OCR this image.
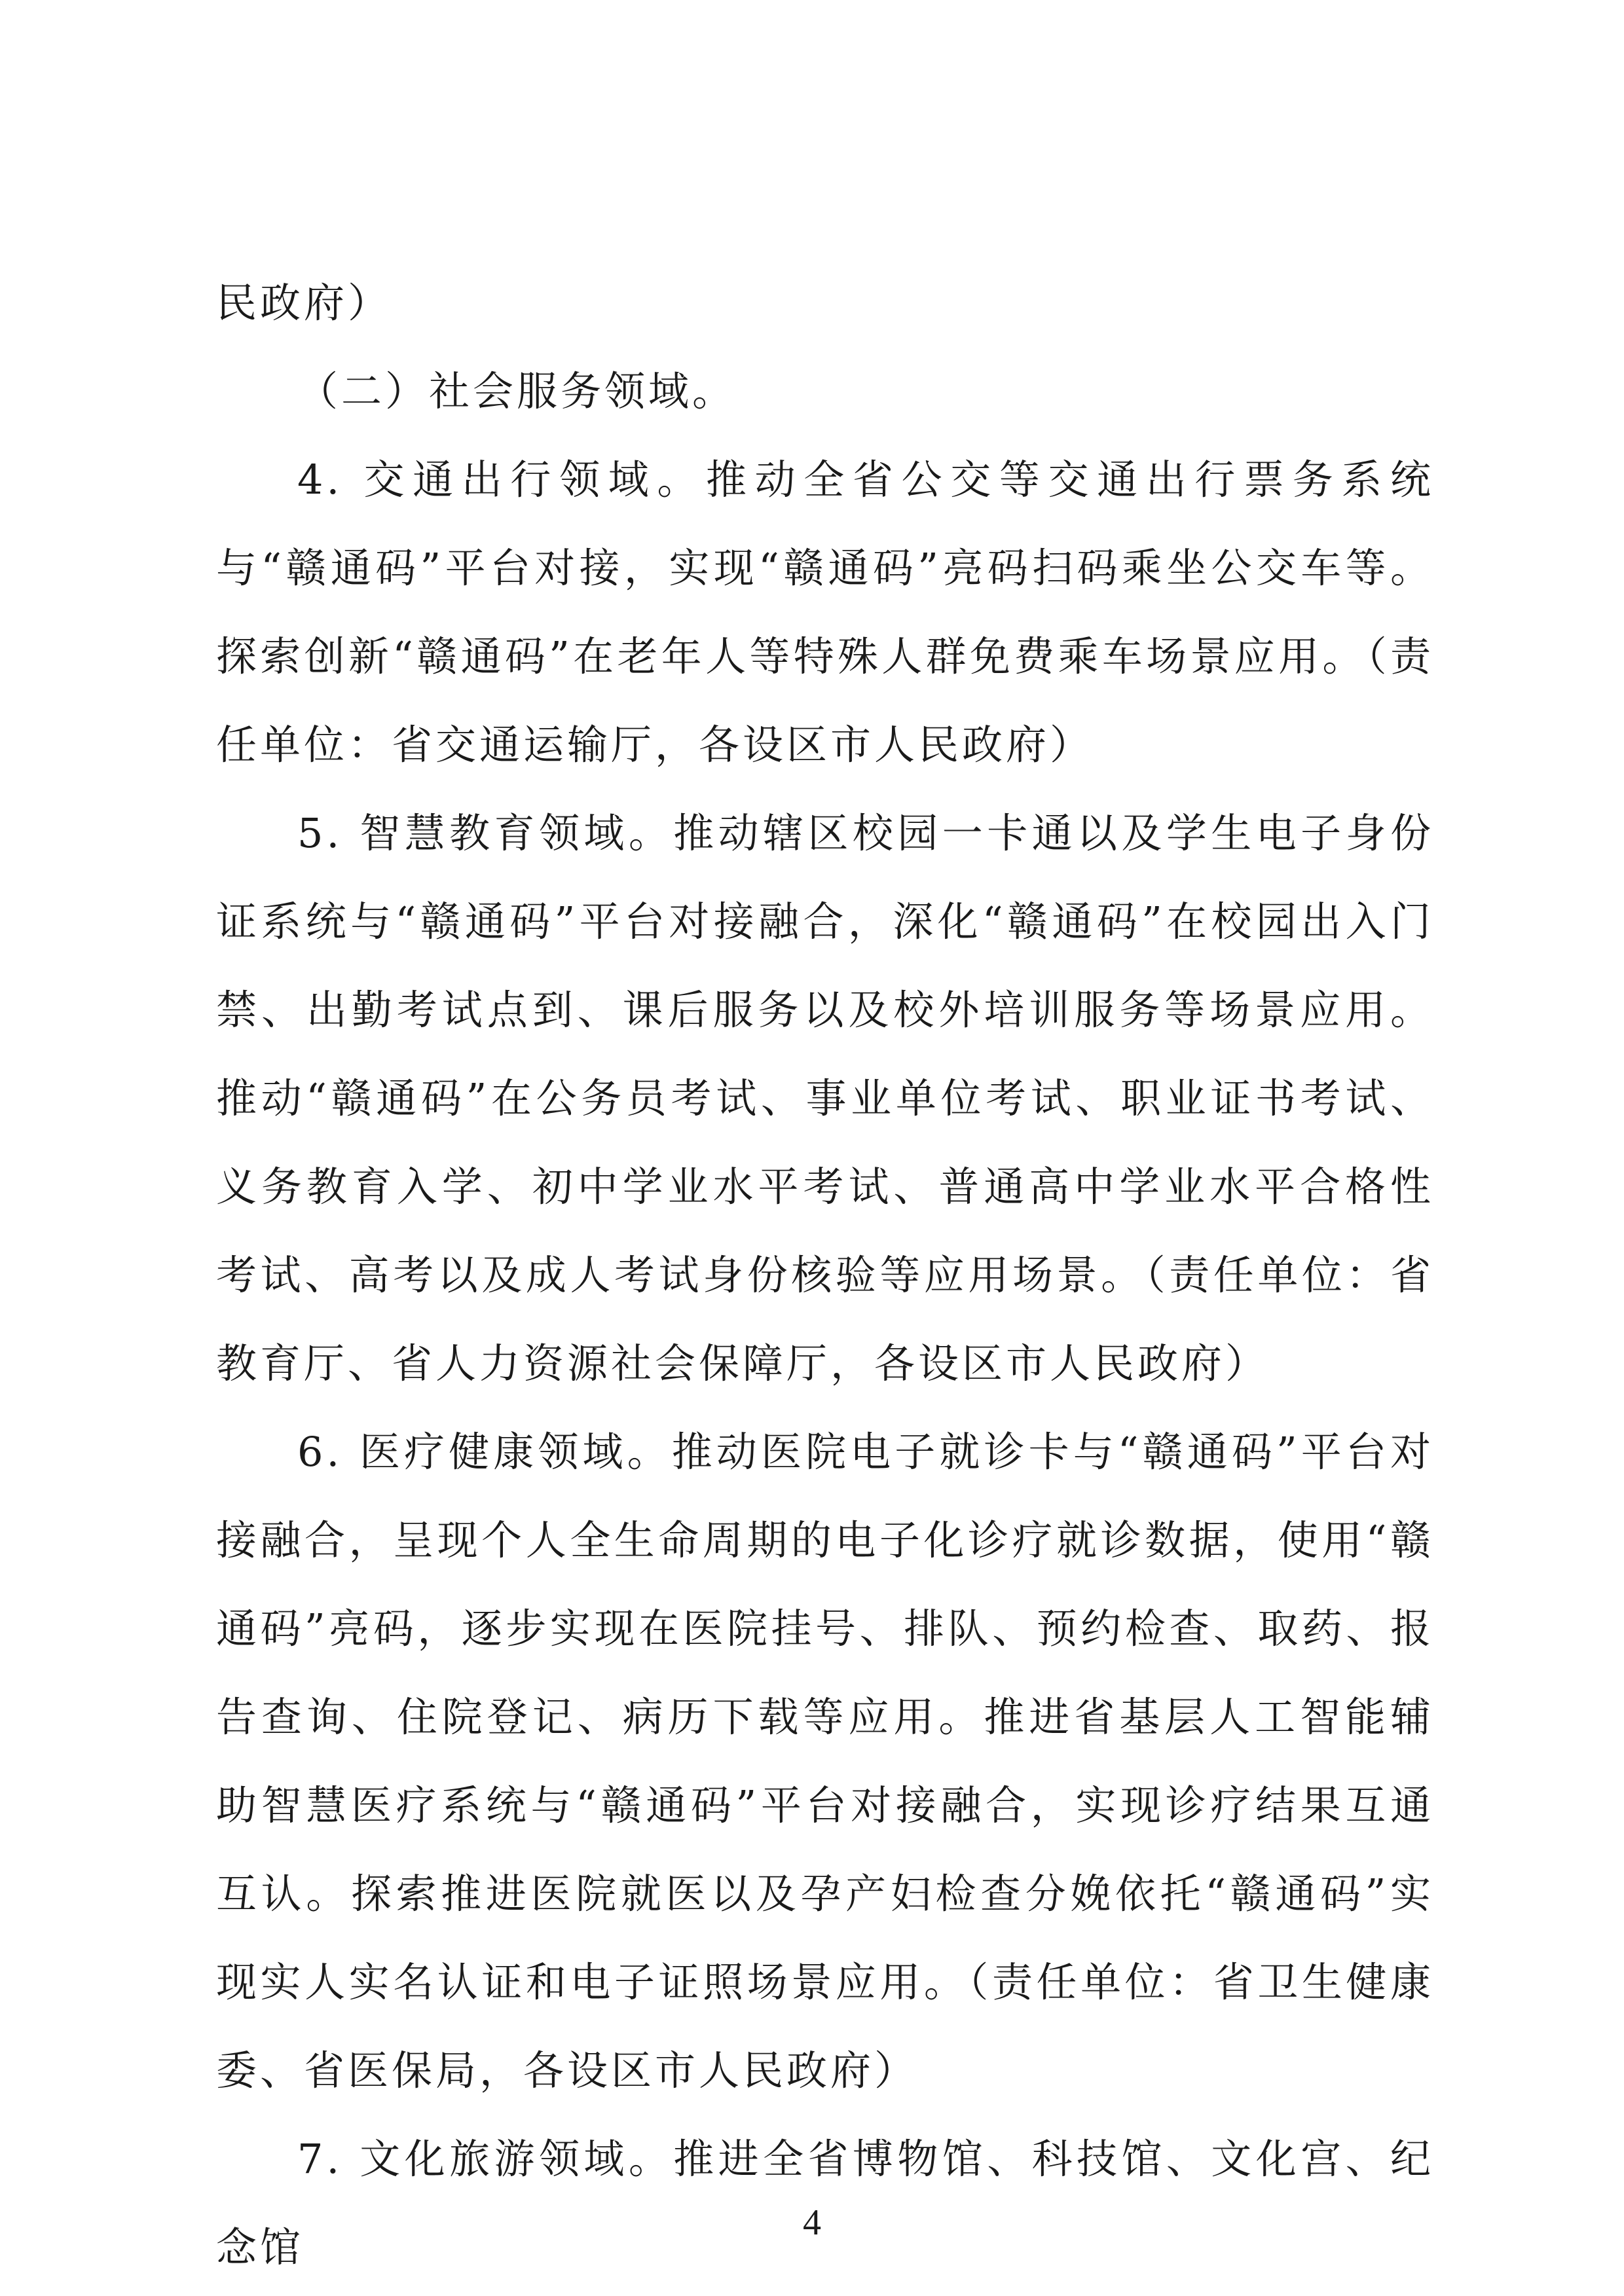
民政府）

（二）社会服务领域。

4. 交通出行领域。推动全省公交等交通出行票务系统与“赣通码”平台对接，实现“赣通码”亮码扫码乘坐公交车等。探索创新“赣通码”在老年人等特殊人群免费乘车场景应用。（责任单位：省交通运输厅，各设区市人民政府）

5. 智慧教育领域。推动辖区校园一卡通以及学生电子身份证系统与“赣通码”平台对接融合，深化“赣通码”在校园出入门禁、出勤考试点到、课后服务以及校外培训服务等场景应用。推动“赣通码”在公务员考试、事业单位考试、职业证书考试、义务教育入学、初中学业水平考试、普通高中学业水平合格性考试、高考以及成人考试身份核验等应用场景。（责任单位：省教育厅、省人力资源社会保障厅，各设区市人民政府）

6. 医疗健康领域。推动医院电子就诊卡与“赣通码”平台对接融合，呈现个人全生命周期的电子化诊疗就诊数据，使用“赣通码”亮码，逐步实现在医院挂号、排队、预约检查、取药、报告查询、住院登记、病历下载等应用。推进省基层人工智能辅助智慧医疗系统与“赣通码”平台对接融合，实现诊疗结果互通互认。探索推进医院就医以及孕产妇检查分娩依托“赣通码”实现实人实名认证和电子证照场景应用。（责任单位：省卫生健康委、省医保局，各设区市人民政府）

7. 文化旅游领域。推进全省博物馆、科技馆、文化宫、纪念馆

4
